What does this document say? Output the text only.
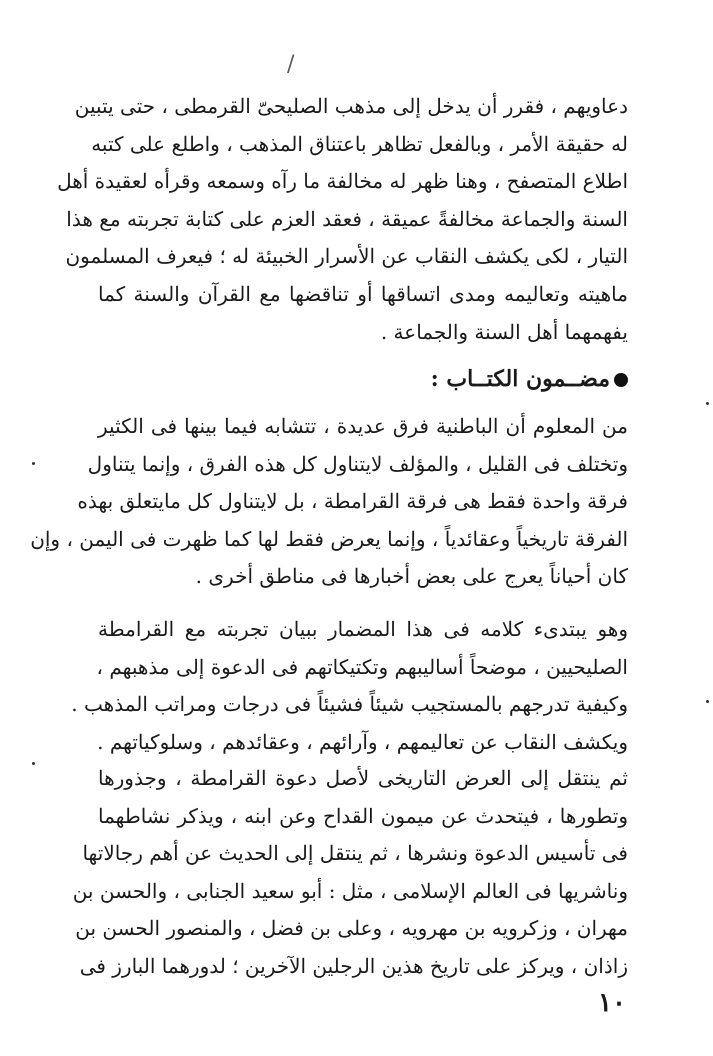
/
دعاويهم ، فقرر أن يدخل إلى مذهب الصليحىّ القرمطى ، حتى يتبين
له حقيقة الأمر ، وبالفعل تظاهر باعتناق المذهب ، واطلع على كتبه
اطلاع المتصفح ، وهنا ظهر له مخالفة ما رآه وسمعه وقرأه لعقيدة أهل
السنة والجماعة مخالفةً عميقة ، فعقد العزم على كتابة تجربته مع هذا
التيار ، لكى يكشف النقاب عن الأسرار الخبيئة له ؛ فيعرف المسلمون
ماهيته وتعاليمه ومدى اتساقها أو تناقضها مع القرآن والسنة كما
يفهمهما أهل السنة والجماعة .
مضــمون الكتــاب :
من المعلوم أن الباطنية فرق عديدة ، تتشابه فيما بينها فى الكثير
وتختلف فى القليل ، والمؤلف لايتناول كل هذه الفرق ، وإنما يتناول
فرقة واحدة فقط هى فرقة القرامطة ، بل لايتناول كل مايتعلق بهذه
الفرقة تاريخياً وعقائدياً ، وإنما يعرض فقط لها كما ظهرت فى اليمن ، وإن
كان أحياناً يعرج على بعض أخبارها فى مناطق أخرى .
وهو يبتدىء كلامه فى هذا المضمار ببيان تجربته مع القرامطة
الصليحيين ، موضحاً أساليبهم وتكتيكاتهم فى الدعوة إلى مذهبهم ،
وكيفية تدرجهم بالمستجيب شيئاً فشيئاً فى درجات ومراتب المذهب .
ويكشف النقاب عن تعاليمهم ، وآرائهم ، وعقائدهم ، وسلوكياتهم .
ثم ينتقل إلى العرض التاريخى لأصل دعوة القرامطة ، وجذورها
وتطورها ، فيتحدث عن ميمون القداح وعن ابنه ، ويذكر نشاطهما
فى تأسيس الدعوة ونشرها ، ثم ينتقل إلى الحديث عن أهم رجالاتها
وناشريها فى العالم الإسلامى ، مثل : أبو سعيد الجنابى ، والحسن بن
مهران ، وزكرويه بن مهرويه ، وعلى بن فضل ، والمنصور الحسن بن
زاذان ، ويركز على تاريخ هذين الرجلين الآخرين ؛ لدورهما البارز فى
١٠
